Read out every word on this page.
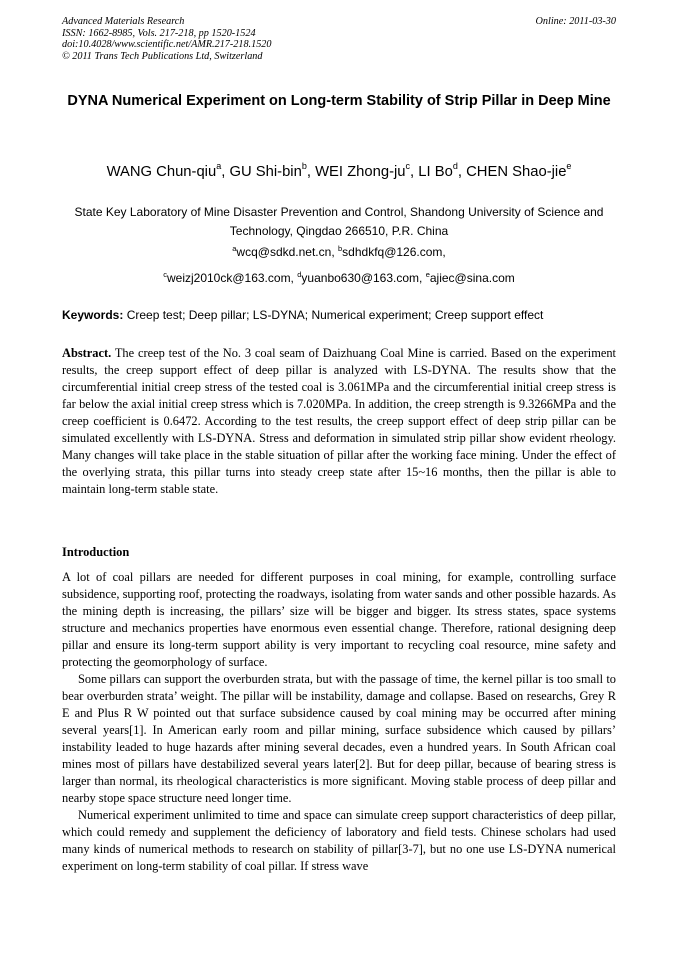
Advanced Materials Research
ISSN: 1662-8985, Vols. 217-218, pp 1520-1524
doi:10.4028/www.scientific.net/AMR.217-218.1520
© 2011 Trans Tech Publications Ltd, Switzerland
Online: 2011-03-30
DYNA Numerical Experiment on Long-term Stability of Strip Pillar in Deep Mine
WANG Chun-qiu$^a$, GU Shi-bin$^b$, WEI Zhong-$ju^c$, LI Bo$^d$, CHEN Shao-jie$^e$
State Key Laboratory of Mine Disaster Prevention and Control, Shandong University of Science and Technology, Qingdao 266510, P.R. China
$^a$wcq@sdkd.net.cn, $^b$sdhdkfq@126.com,
$^c$weizj2010ck@163.com, $^d$yuanbo630@163.com, $^e$ajiec@sina.com
Keywords: Creep test; Deep pillar; LS-DYNA; Numerical experiment; Creep support effect
Abstract. The creep test of the No. 3 coal seam of Daizhuang Coal Mine is carried. Based on the experiment results, the creep support effect of deep pillar is analyzed with LS-DYNA. The results show that the circumferential initial creep stress of the tested coal is 3.061MPa and the circumferential initial creep stress is far below the axial initial creep stress which is 7.020MPa. In addition, the creep strength is 9.3266MPa and the creep coefficient is 0.6472. According to the test results, the creep support effect of deep strip pillar can be simulated excellently with LS-DYNA. Stress and deformation in simulated strip pillar show evident rheology. Many changes will take place in the stable situation of pillar after the working face mining. Under the effect of the overlying strata, this pillar turns into steady creep state after 15~16 months, then the pillar is able to maintain long-term stable state.
Introduction

A lot of coal pillars are needed for different purposes in coal mining, for example, controlling surface subsidence, supporting roof, protecting the roadways, isolating from water sands and other possible hazards. As the mining depth is increasing, the pillars’ size will be bigger and bigger. Its stress states, space systems structure and mechanics properties have enormous even essential change. Therefore, rational designing deep pillar and ensure its long-term support ability is very important to recycling coal resource, mine safety and protecting the geomorphology of surface.

Some pillars can support the overburden strata, but with the passage of time, the kernel pillar is too small to bear overburden strata’ weight. The pillar will be instability, damage and collapse. Based on researchs, Grey R E and Plus R W pointed out that surface subsidence caused by coal mining may be occurred after mining several years[1]. In American early room and pillar mining, surface subsidence which caused by pillars’ instability leaded to huge hazards after mining several decades, even a hundred years. In South African coal mines most of pillars have destabilized several years later[2]. But for deep pillar, because of bearing stress is larger than normal, its rheological characteristics is more significant. Moving stable process of deep pillar and nearby stope space structure need longer time.

Numerical experiment unlimited to time and space can simulate creep support characteristics of deep pillar, which could remedy and supplement the deficiency of laboratory and field tests. Chinese scholars had used many kinds of numerical methods to research on stability of pillar[3-7], but no one use LS-DYNA numerical experiment on long-term stability of coal pillar. If stress wave
